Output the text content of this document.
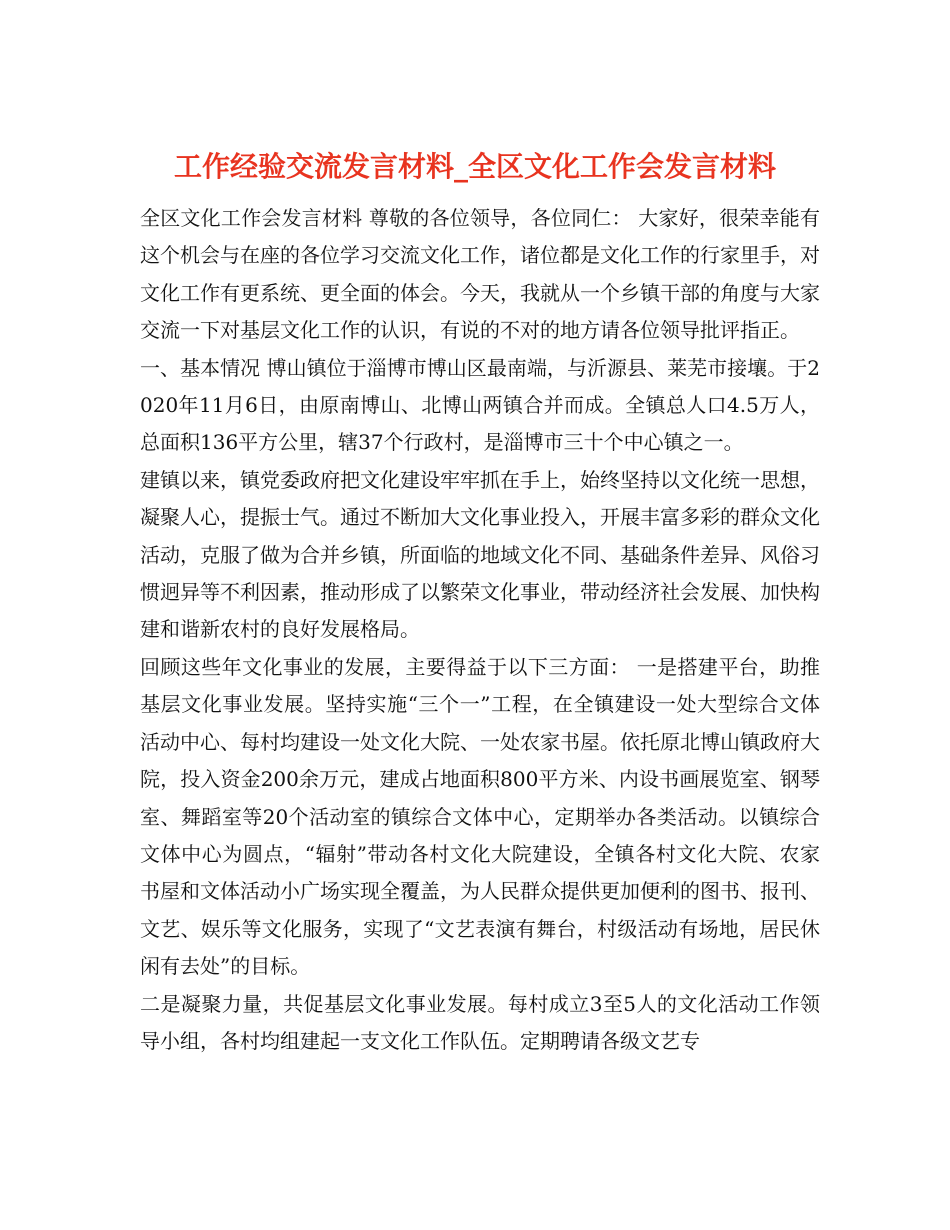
工作经验交流发言材料_全区文化工作会发言材料

全区文化工作会发言材料 尊敬的各位领导，各位同仁： 大家好，很荣幸能有这个机会与在座的各位学习交流文化工作，诸位都是文化工作的行家里手，对文化工作有更系统、更全面的体会。今天，我就从一个乡镇干部的角度与大家交流一下对基层文化工作的认识，有说的不对的地方请各位领导批评指正。

一、基本情况 博山镇位于淄博市博山区最南端，与沂源县、莱芜市接壤。于2020年11月6日，由原南博山、北博山两镇合并而成。全镇总人口4.5万人，总面积136平方公里，辖37个行政村，是淄博市三十个中心镇之一。

建镇以来，镇党委政府把文化建设牢牢抓在手上，始终坚持以文化统一思想，凝聚人心，提振士气。通过不断加大文化事业投入，开展丰富多彩的群众文化活动，克服了做为合并乡镇，所面临的地域文化不同、基础条件差异、风俗习惯迥异等不利因素，推动形成了以繁荣文化事业，带动经济社会发展、加快构建和谐新农村的良好发展格局。

回顾这些年文化事业的发展，主要得益于以下三方面： 一是搭建平台，助推基层文化事业发展。坚持实施“三个一”工程，在全镇建设一处大型综合文体活动中心、每村均建设一处文化大院、一处农家书屋。依托原北博山镇政府大院，投入资金200余万元，建成占地面积800平方米、内设书画展览室、钢琴室、舞蹈室等20个活动室的镇综合文体中心，定期举办各类活动。以镇综合文体中心为圆点，“辐射”带动各村文化大院建设，全镇各村文化大院、农家书屋和文体活动小广场实现全覆盖，为人民群众提供更加便利的图书、报刊、文艺、娱乐等文化服务，实现了“文艺表演有舞台，村级活动有场地，居民休闲有去处”的目标。

二是凝聚力量，共促基层文化事业发展。每村成立3至5人的文化活动工作领导小组，各村均组建起一支文化工作队伍。定期聘请各级文艺专
